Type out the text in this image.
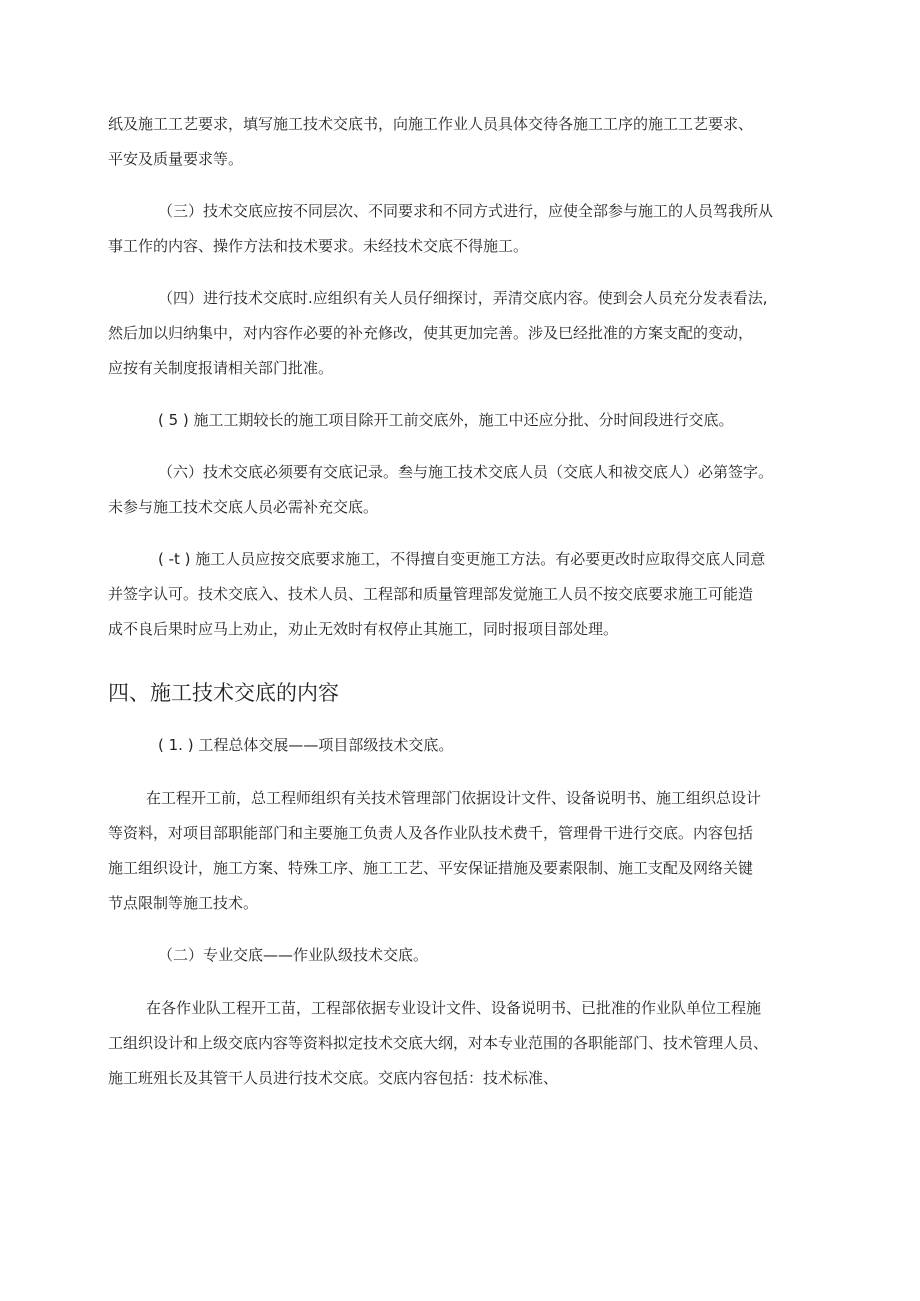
纸及施工工艺要求，填写施工技术交底书，向施工作业人员具体交待各施工工序的施工工艺要求、

平安及质量要求等。

（三）技术交底应按不同层次、不同要求和不同方式进行，应使全部参与施工的人员驾我所从

事工作的内容、操作方法和技术要求。未经技术交底不得施工。

（四）进行技术交底时.应组织有关人员仔细探讨，弄清交底内容。使到会人员充分发表看法,

然后加以归纳集中，对内容作必要的补充修改，使其更加完善。涉及巳经批准的方案支配的变动，

应按有关制度报请相关部门批准。

( 5 ) 施工工期较长的施工项目除开工前交底外，施工中还应分批、分时间段进行交底。

（六）技术交底必须要有交底记录。叁与施工技术交底人员（交底人和祓交底人）必第签字。

未参与施工技术交底人员必需补充交底。

( -t ) 施工人员应按交底要求施工，不得擅自变更施工方法。有必要更改时应取得交底人同意

并签字认可。技术交底入、技术人员、工程部和质量管理部发觉施工人员不按交底要求施工可能造

成不良后果时应马上劝止，劝止无效时有权停止其施工，同时报项目部处理。

四、施工技术交底的内容

( 1. ) 工程总体交展——项目部级技术交底。

在工程开工前，总工程师组织有关技术管理部门依据设计文件、设备说明书、施工组织总设计

等资料，对项目部职能部门和主要施工负责人及各作业队技术费千，管理骨干进行交底。内容包括

施工组织设计，施工方案、特殊工序、施工工艺、平安保证措施及要素限制、施工支配及网络关键

节点限制等施工技术。

（二）专业交底——作业队级技术交底。

在各作业队工程开工苗，工程部依据专业设计文件、设备说明书、已批准的作业队单位工程施

工组织设计和上级交底内容等资料拟定技术交底大纲，对本专业范围的各职能部门、技术管理人员、

施工班殂长及其管干人员进行技术交底。交底内容包括：技术标准、
